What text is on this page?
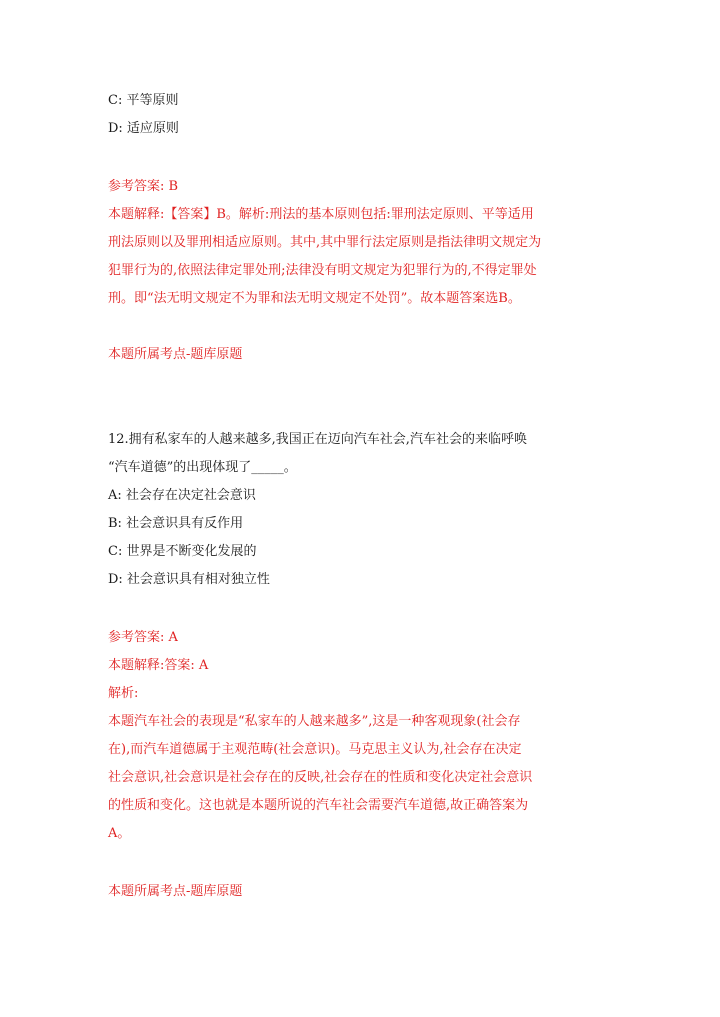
C: 平等原则
D: 适应原则
参考答案: B
本题解释:【答案】B。解析:刑法的基本原则包括:罪刑法定原则、平等适用
刑法原则以及罪刑相适应原则。其中,其中罪行法定原则是指法律明文规定为
犯罪行为的,依照法律定罪处刑;法律没有明文规定为犯罪行为的,不得定罪处
刑。即“法无明文规定不为罪和法无明文规定不处罚”。故本题答案选B。
本题所属考点-题库原题
12.拥有私家车的人越来越多,我国正在迈向汽车社会,汽车社会的来临呼唤
“汽车道德”的出现体现了_____。
A: 社会存在决定社会意识
B: 社会意识具有反作用
C: 世界是不断变化发展的
D: 社会意识具有相对独立性
参考答案: A
本题解释:答案: A
解析:
本题汽车社会的表现是“私家车的人越来越多”,这是一种客观现象(社会存
在),而汽车道德属于主观范畴(社会意识)。马克思主义认为,社会存在决定
社会意识,社会意识是社会存在的反映,社会存在的性质和变化决定社会意识
的性质和变化。这也就是本题所说的汽车社会需要汽车道德,故正确答案为
A。
本题所属考点-题库原题
